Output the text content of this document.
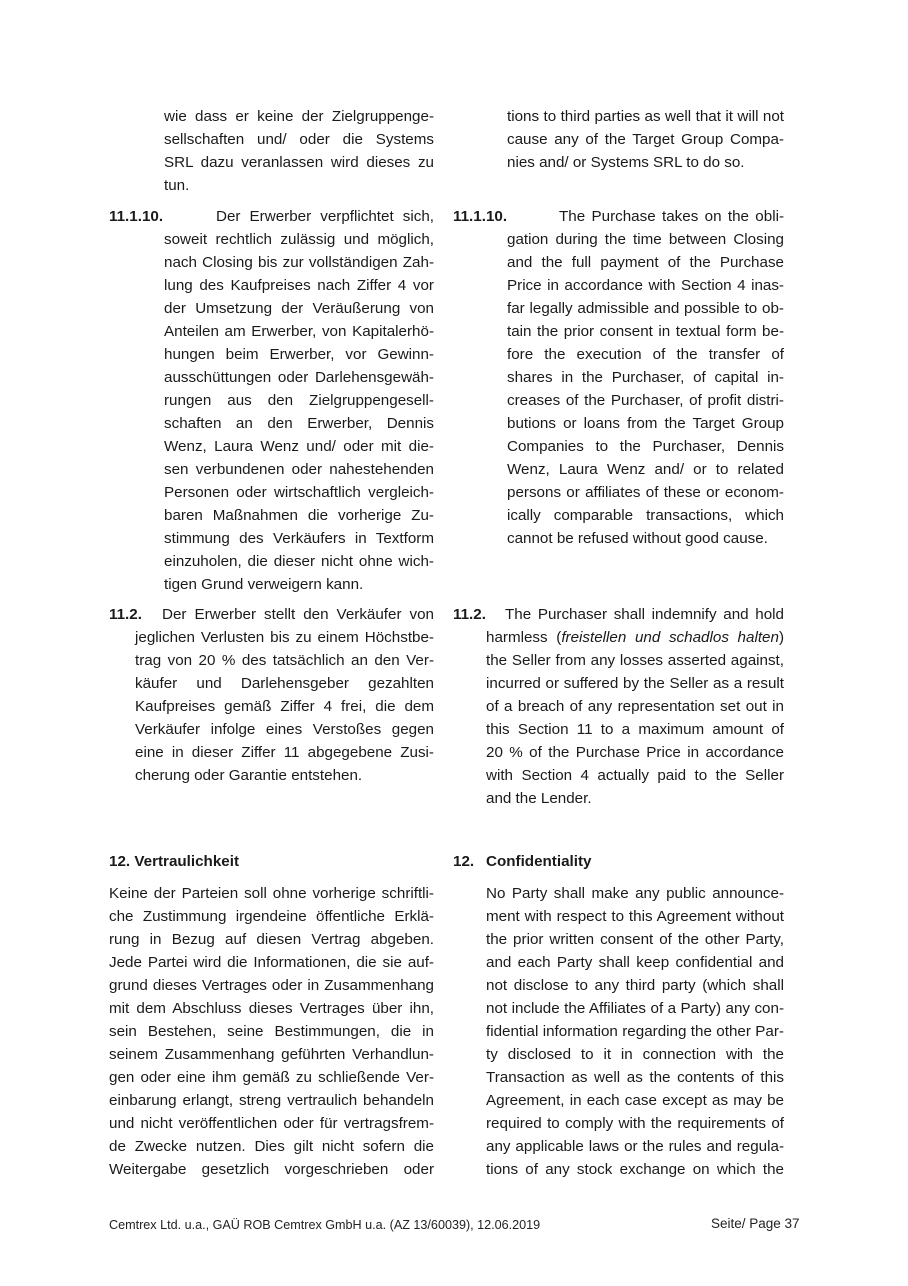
wie dass er keine der Zielgruppenge-
sellschaften und/ oder die Systems
SRL dazu veranlassen wird dieses zu
tun.
11.1.10.	Der Erwerber verpflichtet sich,
soweit rechtlich zulässig und möglich,
nach Closing bis zur vollständigen Zah-
lung des Kaufpreises nach Ziffer 4 vor
der Umsetzung der Veräußerung von
Anteilen am Erwerber, von Kapitalerhö-
hungen beim Erwerber, vor Gewinn-
ausschüttungen oder Darlehensgewäh-
rungen aus den Zielgruppengesell-
schaften an den Erwerber, Dennis
Wenz, Laura Wenz und/ oder mit die-
sen verbundenen oder nahestehenden
Personen oder wirtschaftlich vergleich-
baren Maßnahmen die vorherige Zu-
stimmung des Verkäufers in Textform
einzuholen, die dieser nicht ohne wich-
tigen Grund verweigern kann.
11.2.	Der Erwerber stellt den Verkäufer von
jeglichen Verlusten bis zu einem Höchstbe-
trag von 20 % des tatsächlich an den Ver-
käufer und Darlehensgeber gezahlten
Kaufpreises gemäß Ziffer 4 frei, die dem
Verkäufer infolge eines Verstoßes gegen
eine in dieser Ziffer 11 abgegebene Zusi-
cherung oder Garantie entstehen.
12. Vertraulichkeit
Keine der Parteien soll ohne vorherige schriftli-
che Zustimmung irgendeine öffentliche Erklä-
rung in Bezug auf diesen Vertrag abgeben.
Jede Partei wird die Informationen, die sie auf-
grund dieses Vertrages oder in Zusammenhang
mit dem Abschluss dieses Vertrages über ihn,
sein Bestehen, seine Bestimmungen, die in
seinem Zusammenhang geführten Verhandlun-
gen oder eine ihm gemäß zu schließende Ver-
einbarung erlangt, streng vertraulich behandeln
und nicht veröffentlichen oder für vertragsfrem-
de Zwecke nutzen. Dies gilt nicht sofern die
Weitergabe gesetzlich vorgeschrieben oder
tions to third parties as well that it will not
cause any of the Target Group Compa-
nies and/ or Systems SRL to do so.
11.1.10.	The Purchase takes on the obli-
gation during the time between Closing
and the full payment of the Purchase
Price in accordance with Section 4 inas-
far legally admissible and possible to ob-
tain the prior consent in textual form be-
fore the execution of the transfer of
shares in the Purchaser, of capital in-
creases of the Purchaser, of profit distri-
butions or loans from the Target Group
Companies to the Purchaser, Dennis
Wenz, Laura Wenz and/ or to related
persons or affiliates of these or econom-
ically comparable transactions, which
cannot be refused without good cause.
11.2.	The Purchaser shall indemnify and hold
harmless (freistellen und schadlos halten)
the Seller from any losses asserted against,
incurred or suffered by the Seller as a result
of a breach of any representation set out in
this Section 11 to a maximum amount of
20 % of the Purchase Price in accordance
with Section 4 actually paid to the Seller
and the Lender.
12. Confidentiality
No Party shall make any public announce-
ment with respect to this Agreement without
the prior written consent of the other Party,
and each Party shall keep confidential and
not disclose to any third party (which shall
not include the Affiliates of a Party) any con-
fidential information regarding the other Par-
ty disclosed to it in connection with the
Transaction as well as the contents of this
Agreement, in each case except as may be
required to comply with the requirements of
any applicable laws or the rules and regula-
tions of any stock exchange on which the
Cemtrex Ltd. u.a., GAÜ ROB Cemtrex GmbH u.a. (AZ 13/60039), 12.06.2019	Seite/ Page 37
